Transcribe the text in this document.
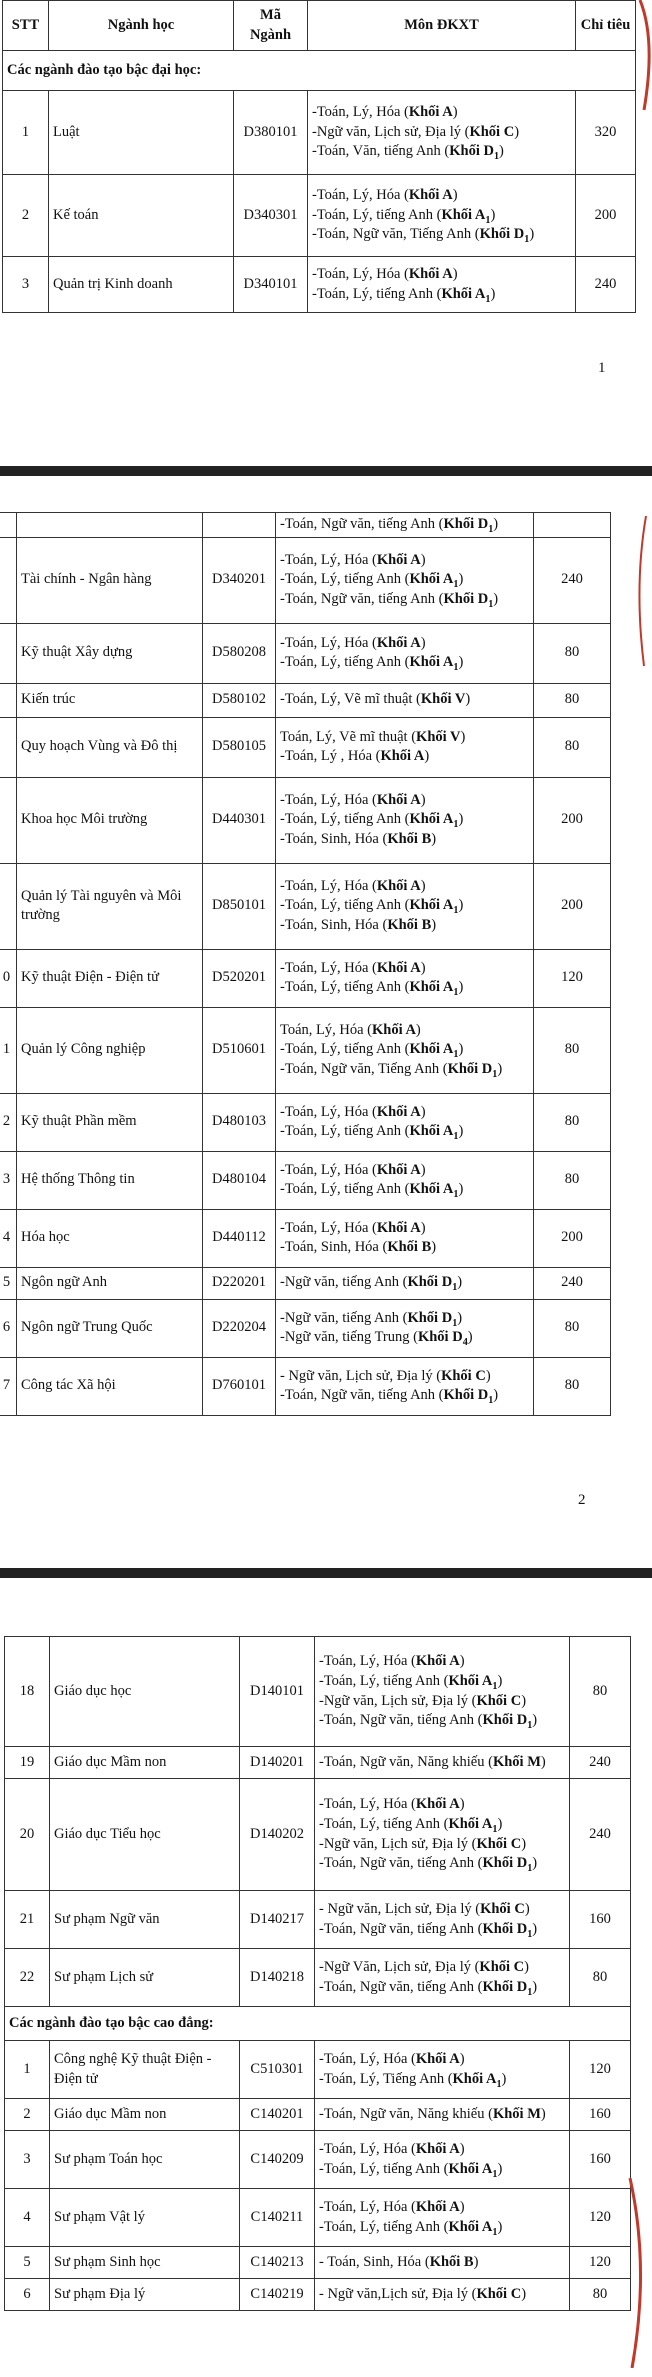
STT	Ngành học	Mã
Ngành	Môn ĐKXT	Chỉ tiêu
Các ngành đào tạo bậc đại học:				
1	Luật	D380101	-Toán, Lý, Hóa (Khối A)
-Ngữ văn, Lịch sử, Địa lý (Khối C)
-Toán, Văn, tiếng Anh (Khối $D_1$)	320
2	Kế toán	D340301	-Toán, Lý, Hóa (Khối A)
-Toán, Lý, tiếng Anh (Khối $A_1$)
-Toán, Ngữ văn, Tiếng Anh (Khối $D_1$)	200
3	Quản trị Kinh doanh	D340101	-Toán, Lý, Hóa (Khối A)
-Toán, Lý, tiếng Anh (Khối $A_1$)	240
1

			-Toán, Ngữ văn, tiếng Anh (Khối $D_1$)	

	Tài chính - Ngân hàng	D340201	-Toán, Lý, Hóa (Khối A)
-Toán, Lý, tiếng Anh (Khối $A_1$)
-Toán, Ngữ văn, tiếng Anh (Khối $D_1$)	240
	Kỹ thuật Xây dựng	D580208	-Toán, Lý, Hóa (Khối A)
-Toán, Lý, tiếng Anh (Khối $A_1$)	80
	Kiến trúc	D580102	-Toán, Lý, Vẽ mĩ thuật (Khối V)	80
	Quy hoạch Vùng và Đô thị	D580105	Toán, Lý, Vẽ mĩ thuật (Khối V)
-Toán, Lý , Hóa (Khối A)	80
	Khoa học Môi trường	D440301	-Toán, Lý, Hóa (Khối A)
-Toán, Lý, tiếng Anh (Khối $A_1$)
-Toán, Sinh, Hóa (Khối B)	200
	Quản lý Tài nguyên và Môi trường	D850101	-Toán, Lý, Hóa (Khối A)
-Toán, Lý, tiếng Anh (Khối $A_1$)
-Toán, Sinh, Hóa (Khối B)	200
0	Kỹ thuật Điện - Điện tử	D520201	-Toán, Lý, Hóa (Khối A)
-Toán, Lý, tiếng Anh (Khối $A_1$)	120
1	Quản lý Công nghiệp	D510601	Toán, Lý, Hóa (Khối A)
-Toán, Lý, tiếng Anh (Khối $A_1$)
-Toán, Ngữ văn, Tiếng Anh (Khối $D_1$)	80
2	Kỹ thuật Phần mềm	D480103	-Toán, Lý, Hóa (Khối A)
-Toán, Lý, tiếng Anh (Khối $A_1$)	80
3	Hệ thống Thông tin	D480104	-Toán, Lý, Hóa (Khối A)
-Toán, Lý, tiếng Anh (Khối $A_1$)	80
4	Hóa học	D440112	-Toán, Lý, Hóa (Khối A)
-Toán, Sinh, Hóa (Khối B)	200
5	Ngôn ngữ Anh	D220201	-Ngữ văn, tiếng Anh (Khối $D_1$)	240
6	Ngôn ngữ Trung Quốc	D220204	-Ngữ văn, tiếng Anh (Khối $D_1$)
-Ngữ văn, tiếng Trung (Khối $D_4$)	80
7	Công tác Xã hội	D760101	- Ngữ văn, Lịch sử, Địa lý (Khối C)
-Toán, Ngữ văn, tiếng Anh (Khối $D_1$)	80
2
18	Giáo dục học	D140101	-Toán, Lý, Hóa (Khối A)
-Toán, Lý, tiếng Anh (Khối $A_1$)
-Ngữ văn, Lịch sử, Địa lý (Khối C)
-Toán, Ngữ văn, tiếng Anh (Khối $D_1$)	80
19	Giáo dục Mầm non	D140201	-Toán, Ngữ văn, Năng khiếu (Khối M)	240
20	Giáo dục Tiểu học	D140202	-Toán, Lý, Hóa (Khối A)
-Toán, Lý, tiếng Anh (Khối $A_1$)
-Ngữ văn, Lịch sử, Địa lý (Khối C)
-Toán, Ngữ văn, tiếng Anh (Khối $D_1$)	240
21	Sư phạm Ngữ văn	D140217	- Ngữ văn, Lịch sử, Địa lý (Khối C)
-Toán, Ngữ văn, tiếng Anh (Khối $D_1$)	160
22	Sư phạm Lịch sử	D140218	-Ngữ Văn, Lịch sử, Địa lý (Khối C)
-Toán, Ngữ văn, tiếng Anh (Khối $D_1$)	80
Các ngành đào tạo bậc cao đẳng:				
1	Công nghệ Kỹ thuật Điện - Điện tử	C510301	-Toán, Lý, Hóa (Khối A)
-Toán, Lý, Tiếng Anh (Khối $A_1$)	120
2	Giáo dục Mầm non	C140201	-Toán, Ngữ văn, Năng khiếu (Khối M)	160
3	Sư phạm Toán học	C140209	-Toán, Lý, Hóa (Khối A)
-Toán, Lý, tiếng Anh (Khối $A_1$)	160
4	Sư phạm Vật lý	C140211	-Toán, Lý, Hóa (Khối A)
-Toán, Lý, tiếng Anh (Khối $A_1$)	120
5	Sư phạm Sinh học	C140213	- Toán, Sinh, Hóa (Khối B)	120
6	Sư phạm Địa lý	C140219	- Ngữ văn,Lịch sử, Địa lý (Khối C)	80
